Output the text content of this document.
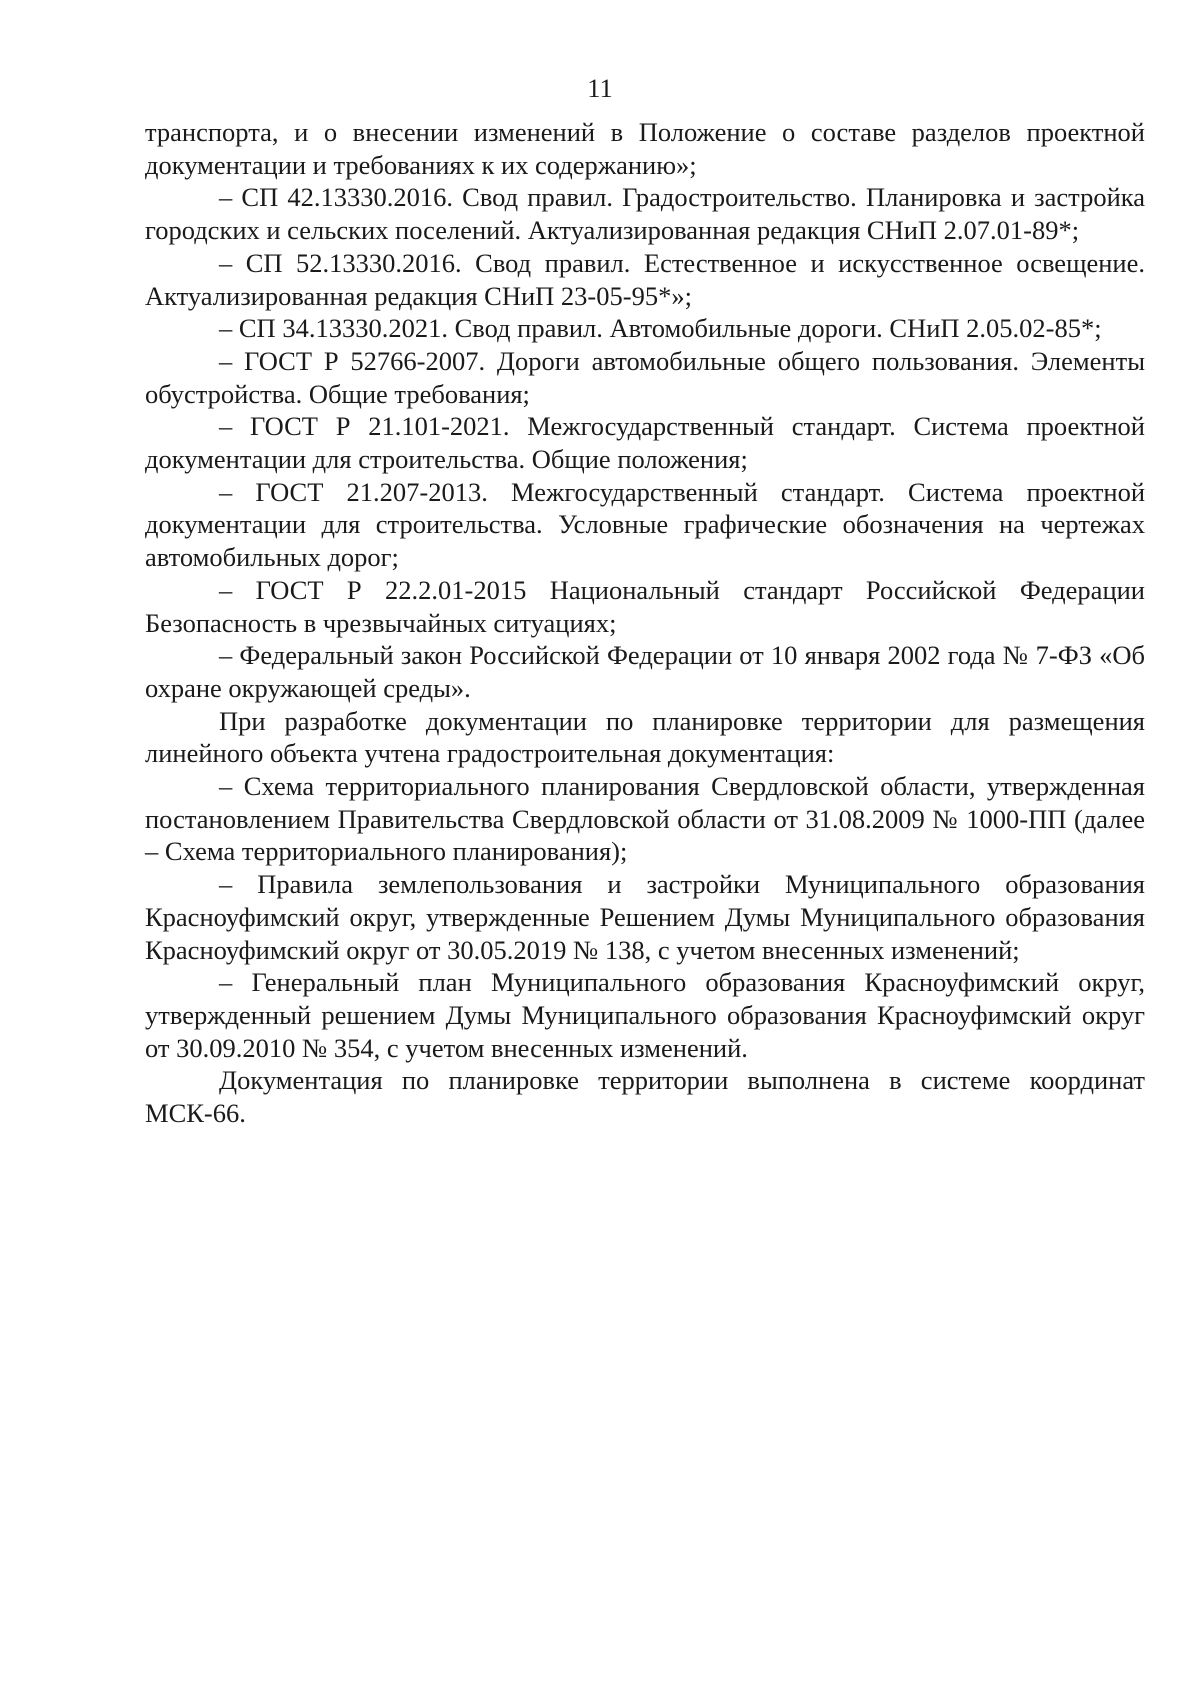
11

транспорта, и о внесении изменений в Положение о составе разделов проектной документации и требованиях к их содержанию»;

– СП 42.13330.2016. Свод правил. Градостроительство. Планировка и застройка городских и сельских поселений. Актуализированная редакция СНиП 2.07.01-89*;

– СП 52.13330.2016. Свод правил. Естественное и искусственное освещение. Актуализированная редакция СНиП 23-05-95*»;

– СП 34.13330.2021. Свод правил. Автомобильные дороги. СНиП 2.05.02-85*;

– ГОСТ Р 52766-2007. Дороги автомобильные общего пользования. Элементы обустройства. Общие требования;

– ГОСТ Р 21.101-2021. Межгосударственный стандарт. Система проектной документации для строительства. Общие положения;

– ГОСТ 21.207-2013. Межгосударственный стандарт. Система проектной документации для строительства. Условные графические обозначения на чертежах автомобильных дорог;

– ГОСТ Р 22.2.01-2015 Национальный стандарт Российской Федерации Безопасность в чрезвычайных ситуациях;

– Федеральный закон Российской Федерации от 10 января 2002 года № 7-ФЗ «Об охране окружающей среды».

При разработке документации по планировке территории для размещения линейного объекта учтена градостроительная документация:

– Схема территориального планирования Свердловской области, утвержденная постановлением Правительства Свердловской области от 31.08.2009 № 1000-ПП (далее – Схема территориального планирования);

– Правила землепользования и застройки Муниципального образования Красноуфимский округ, утвержденные Решением Думы Муниципального образования Красноуфимский округ от 30.05.2019 № 138, с учетом внесенных изменений;

– Генеральный план Муниципального образования Красноуфимский округ, утвержденный решением Думы Муниципального образования Красноуфимский округ от 30.09.2010 № 354, с учетом внесенных изменений.

Документация по планировке территории выполнена в системе координат МСК-66.
